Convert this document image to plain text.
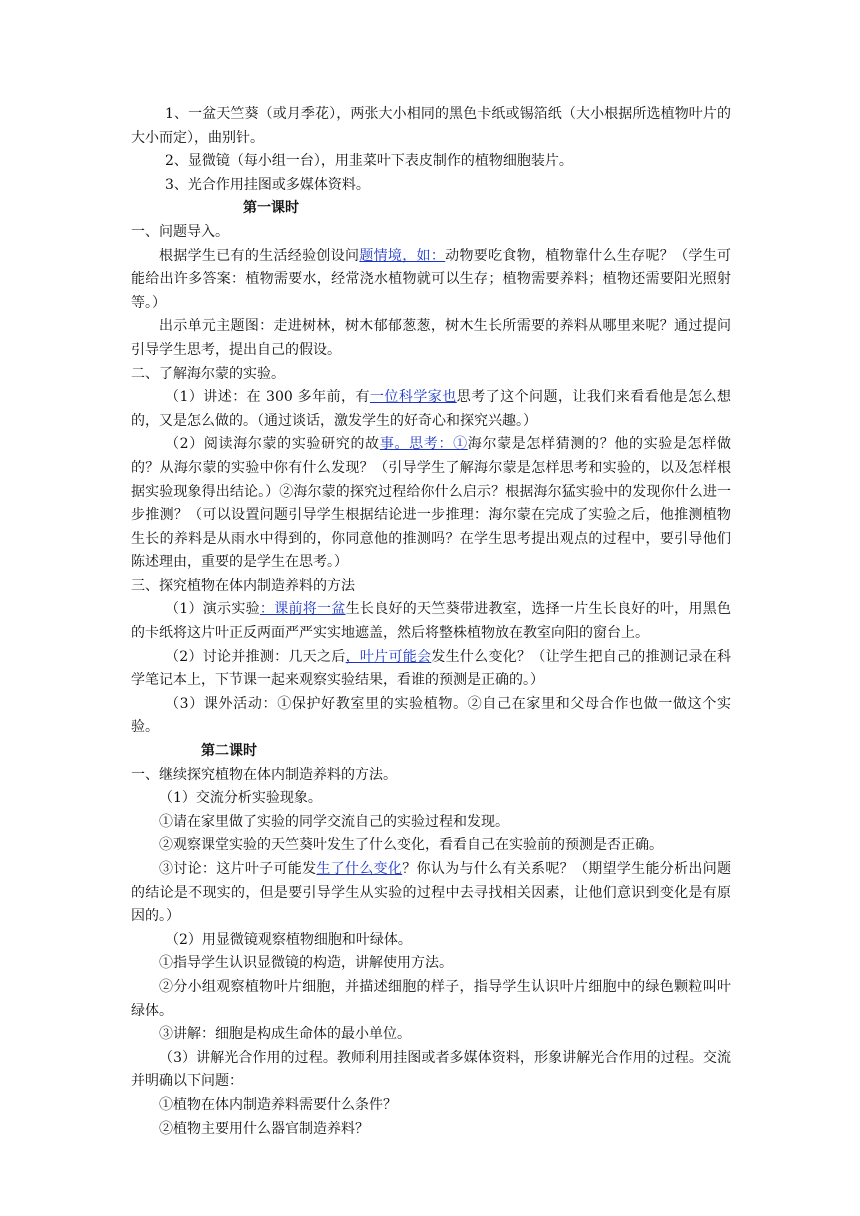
1、一盆天竺葵（或月季花），两张大小相同的黑色卡纸或锡箔纸（大小根据所选植物叶片的大小而定），曲别针。

2、显微镜（每小组一台），用韭菜叶下表皮制作的植物细胞装片。

3、光合作用挂图或多媒体资料。

第一课时

一、问题导入。

根据学生已有的生活经验创设问题情境，如：动物要吃食物，植物靠什么生存呢？（学生可能给出许多答案：植物需要水，经常浇水植物就可以生存；植物需要养料；植物还需要阳光照射等。）

出示单元主题图：走进树林，树木郁郁葱葱，树木生长所需要的养料从哪里来呢？通过提问引导学生思考，提出自己的假设。

二、了解海尔蒙的实验。

（1）讲述：在 300 多年前，有一位科学家也思考了这个问题，让我们来看看他是怎么想的，又是怎么做的。（通过谈话，激发学生的好奇心和探究兴趣。）

（2）阅读海尔蒙的实验研究的故事。思考：①海尔蒙是怎样猜测的？他的实验是怎样做的？从海尔蒙的实验中你有什么发现？（引导学生了解海尔蒙是怎样思考和实验的，以及怎样根据实验现象得出结论。）②海尔蒙的探究过程给你什么启示？根据海尔猛实验中的发现你什么进一步推测？（可以设置问题引导学生根据结论进一步推理：海尔蒙在完成了实验之后，他推测植物生长的养料是从雨水中得到的，你同意他的推测吗？在学生思考提出观点的过程中，要引导他们陈述理由，重要的是学生在思考。）

三、探究植物在体内制造养料的方法

（1）演示实验：课前将一盆生长良好的天竺葵带进教室，选择一片生长良好的叶，用黑色的卡纸将这片叶正反两面严严实实地遮盖，然后将整株植物放在教室向阳的窗台上。

（2）讨论并推测：几天之后，叶片可能会发生什么变化？（让学生把自己的推测记录在科学笔记本上，下节课一起来观察实验结果，看谁的预测是正确的。）

（3）课外活动：①保护好教室里的实验植物。②自己在家里和父母合作也做一做这个实验。

第二课时

一、继续探究植物在体内制造养料的方法。

（1）交流分析实验现象。

①请在家里做了实验的同学交流自己的实验过程和发现。

②观察课堂实验的天竺葵叶发生了什么变化，看看自己在实验前的预测是否正确。

③讨论：这片叶子可能发生了什么变化？你认为与什么有关系呢？（期望学生能分析出问题的结论是不现实的，但是要引导学生从实验的过程中去寻找相关因素，让他们意识到变化是有原因的。）

（2）用显微镜观察植物细胞和叶绿体。

①指导学生认识显微镜的构造，讲解使用方法。

②分小组观察植物叶片细胞，并描述细胞的样子，指导学生认识叶片细胞中的绿色颗粒叫叶绿体。

③讲解：细胞是构成生命体的最小单位。

（3）讲解光合作用的过程。教师利用挂图或者多媒体资料，形象讲解光合作用的过程。交流并明确以下问题：

①植物在体内制造养料需要什么条件？

②植物主要用什么器官制造养料？
